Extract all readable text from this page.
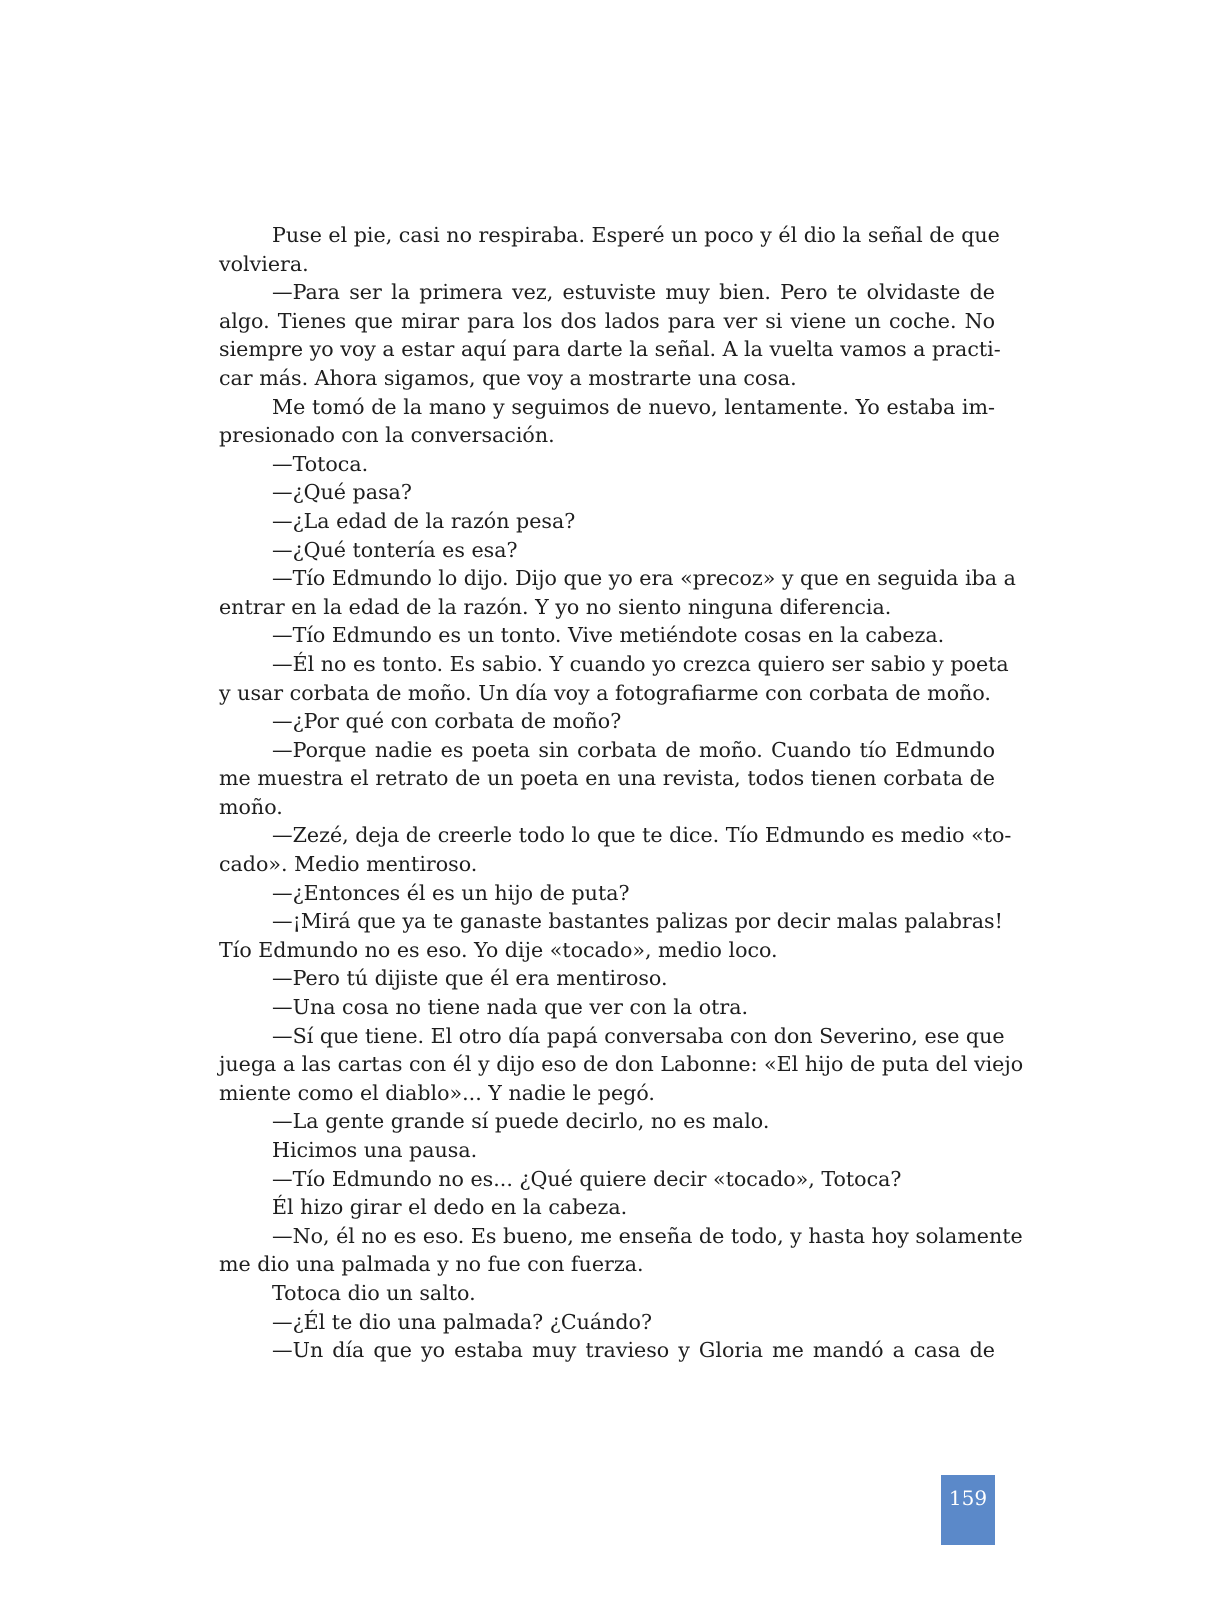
Puse el pie, casi no respiraba. Esperé un poco y él dio la señal de que
volviera.
—Para ser la primera vez, estuviste muy bien. Pero te olvidaste de
algo. Tienes que mirar para los dos lados para ver si viene un coche. No
siempre yo voy a estar aquí para darte la señal. A la vuelta vamos a practi-
car más. Ahora sigamos, que voy a mostrarte una cosa.
Me tomó de la mano y seguimos de nuevo, lentamente. Yo estaba im-
presionado con la conversación.
—Totoca.
—¿Qué pasa?
—¿La edad de la razón pesa?
—¿Qué tontería es esa?
—Tío Edmundo lo dijo. Dijo que yo era «precoz» y que en seguida iba a
entrar en la edad de la razón. Y yo no siento ninguna diferencia.
—Tío Edmundo es un tonto. Vive metiéndote cosas en la cabeza.
—Él no es tonto. Es sabio. Y cuando yo crezca quiero ser sabio y poeta
y usar corbata de moño. Un día voy a fotografiarme con corbata de moño.
—¿Por qué con corbata de moño?
—Porque nadie es poeta sin corbata de moño. Cuando tío Edmundo
me muestra el retrato de un poeta en una revista, todos tienen corbata de
moño.
—Zezé, deja de creerle todo lo que te dice. Tío Edmundo es medio «to-
cado». Medio mentiroso.
—¿Entonces él es un hijo de puta?
—¡Mirá que ya te ganaste bastantes palizas por decir malas palabras!
Tío Edmundo no es eso. Yo dije «tocado», medio loco.
—Pero tú dijiste que él era mentiroso.
—Una cosa no tiene nada que ver con la otra.
—Sí que tiene. El otro día papá conversaba con don Severino, ese que
juega a las cartas con él y dijo eso de don Labonne: «El hijo de puta del viejo
miente como el diablo»... Y nadie le pegó.
—La gente grande sí puede decirlo, no es malo.
Hicimos una pausa.
—Tío Edmundo no es... ¿Qué quiere decir «tocado», Totoca?
Él hizo girar el dedo en la cabeza.
—No, él no es eso. Es bueno, me enseña de todo, y hasta hoy solamente
me dio una palmada y no fue con fuerza.
Totoca dio un salto.
—¿Él te dio una palmada? ¿Cuándo?
—Un día que yo estaba muy travieso y Gloria me mandó a casa de
159
